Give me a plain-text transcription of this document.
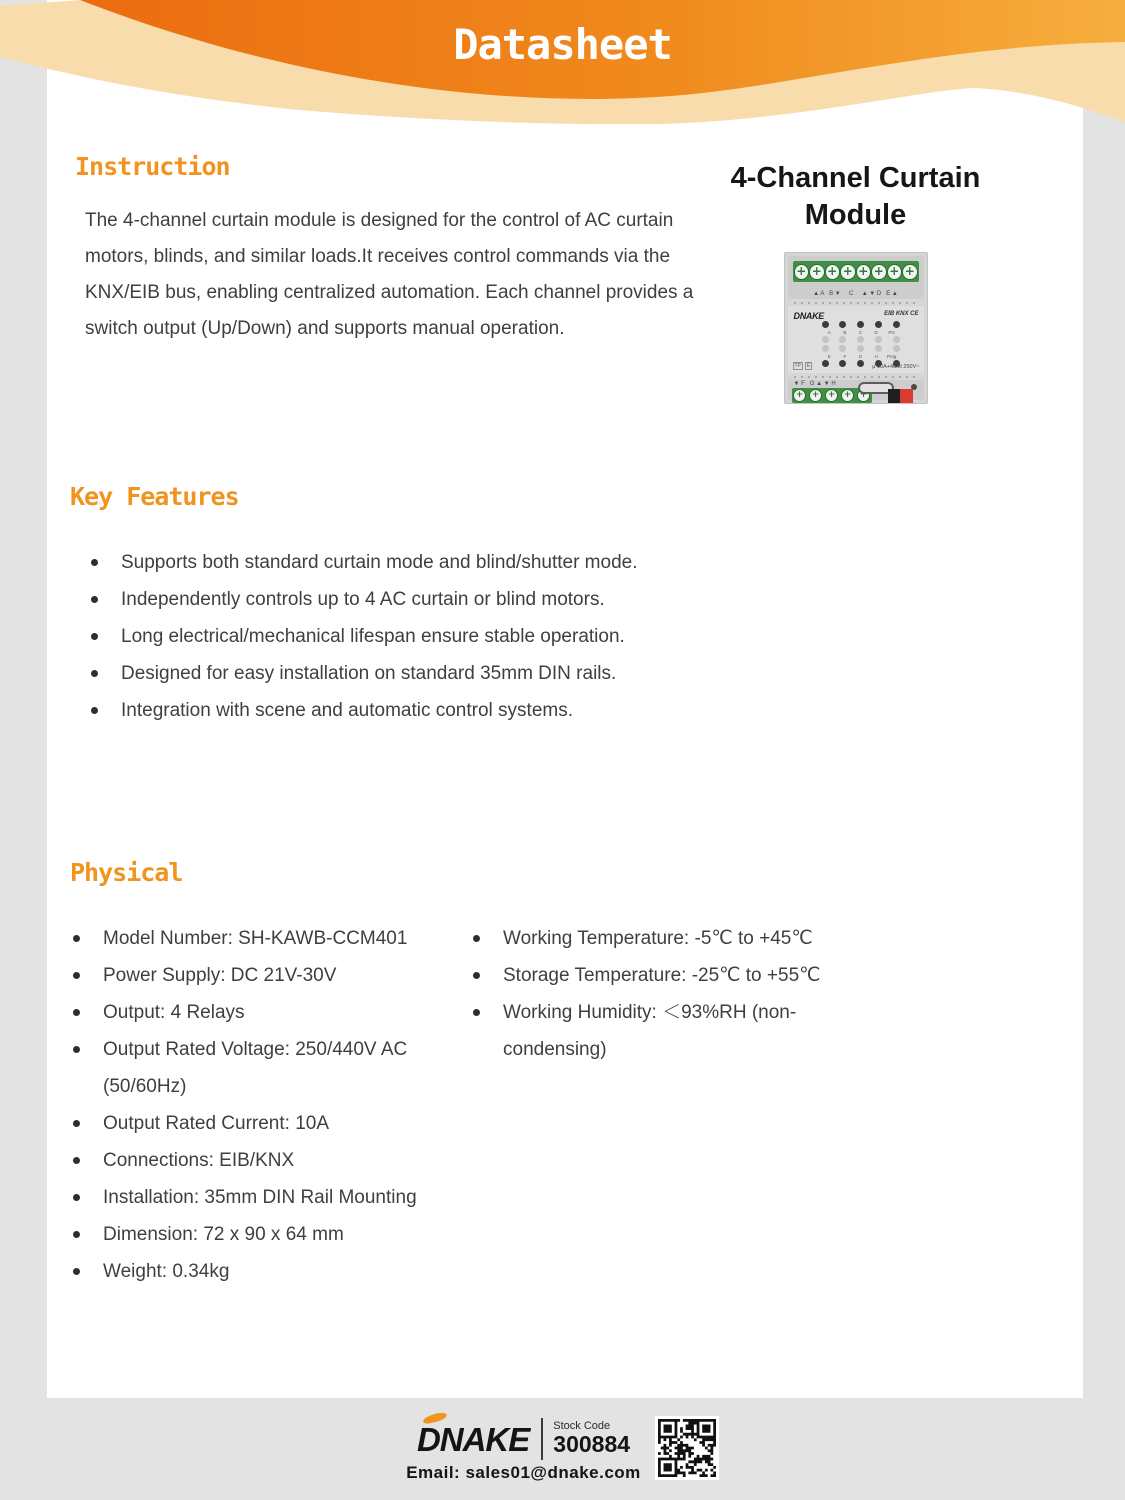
Datasheet
Instruction

The 4-channel curtain module is designed for the control of AC curtain motors, blinds, and similar loads.It receives control commands via the KNX/EIB bus, enabling centralized automation. Each channel provides a switch output (Up/Down) and supports manual operation.

4-Channel Curtain
Module
+
+
+
+
+
+
+
+
▲ A   B ▼     C     ▲ ▼ D   E ▲
DNAKE	EIB KNX CE
A	B	C	D	PG
E	F	G	H	Prog
TP E	µ 10A+4unit 250V~
▼ F   G ▲ ▼ H
+
+
+
+
+
Key Features
Supports both standard curtain mode and blind/shutter mode.
Independently controls up to 4 AC curtain or blind motors.
Long electrical/mechanical lifespan ensure stable operation.
Designed for easy installation on standard 35mm DIN rails.
Integration with scene and automatic control systems.
Physical
Model Number: SH-KAWB-CCM401
Power Supply: DC 21V-30V
Output: 4 Relays
Output Rated Voltage: 250/440V AC (50/60Hz)
Output Rated Current: 10A
Connections: EIB/KNX
Installation: 35mm DIN Rail Mounting
Dimension: 72 x 90 x 64 mm
Weight: 0.34kg
Working Temperature: -5℃ to +45℃
Storage Temperature: -25℃ to +55℃
Working Humidity: ＜93%RH (non-condensing)
DNAKE Stock Code
300884
Email: sales01@dnake.com
